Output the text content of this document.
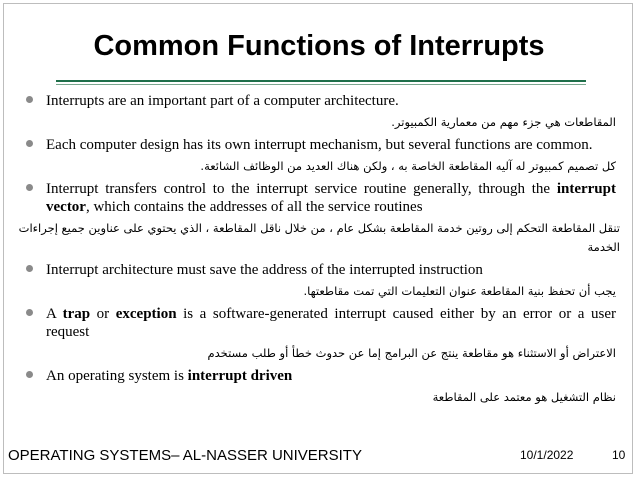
Common Functions of Interrupts
Interrupts are an important part of a computer architecture.
المقاطعات هي جزء مهم من معمارية الكمبيوتر.
Each computer design has its own interrupt mechanism, but several functions are common.
كل تصميم كمبيوتر له آليه المقاطعة الخاصة به ، ولكن هناك العديد من الوظائف الشائعة.
Interrupt transfers control to the interrupt service routine generally, through the interrupt vector, which contains the addresses of all the service routines
تنقل المقاطعة التحكم إلى روتين خدمة المقاطعة بشكل عام ، من خلال ناقل المقاطعة ، الذي يحتوي على عناوين جميع إجراءات الخدمة
Interrupt architecture must save the address of the interrupted instruction
يجب أن تحفظ بنية المقاطعة عنوان التعليمات التي تمت مقاطعتها.
A trap or exception is a software-generated interrupt caused either by an error or a user request
الاعتراض أو الاستثناء هو مقاطعة ينتج عن البرامج إما عن حدوث خطأ أو طلب مستخدم
An operating system is interrupt driven
نظام التشغيل هو معتمد على المقاطعة
OPERATING SYSTEMS– AL-NASSER UNIVERSITY	10/1/2022	10
